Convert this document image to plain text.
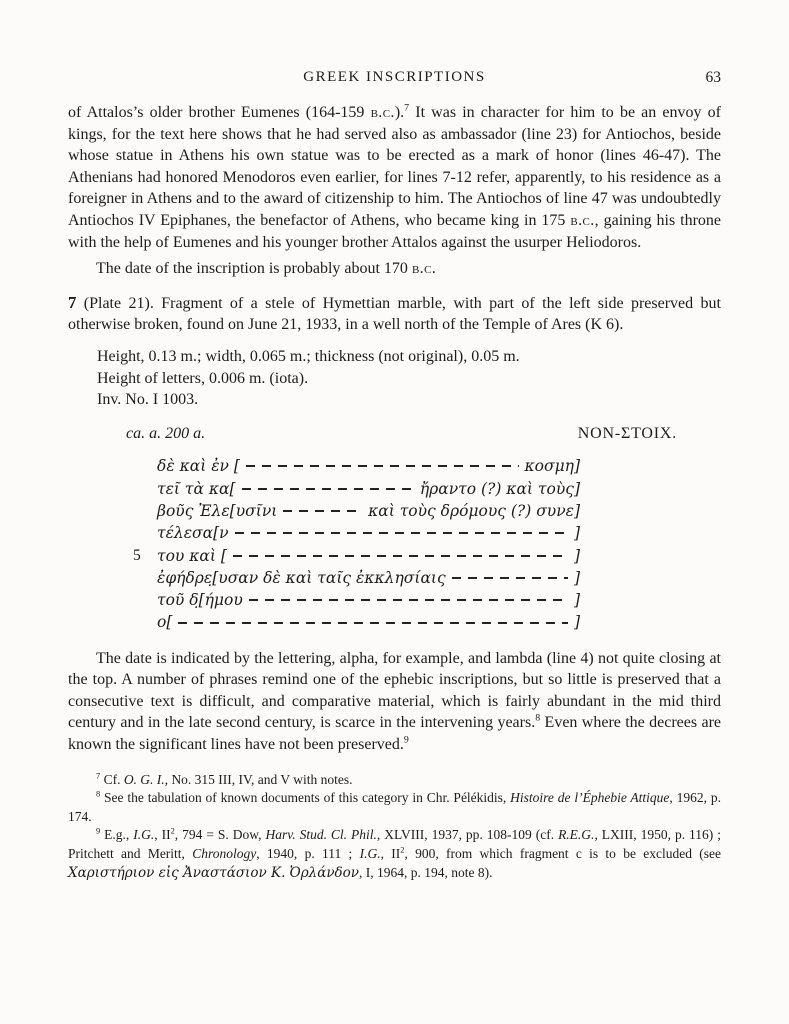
GREEK INSCRIPTIONS	63

of Attalos’s older brother Eumenes (164-159 b.c.).$^7$ It was in character for him to be an envoy of kings, for the text here shows that he had served also as ambassador (line 23) for Antiochos, beside whose statue in Athens his own statue was to be erected as a mark of honor (lines 46-47). The Athenians had honored Menodoros even earlier, for lines 7-12 refer, apparently, to his residence as a foreigner in Athens and to the award of citizenship to him. The Antiochos of line 47 was undoubtedly Antiochos IV Epiphanes, the benefactor of Athens, who became king in 175 b.c., gaining his throne with the help of Eumenes and his younger brother Attalos against the usurper Heliodoros.

The date of the inscription is probably about 170 b.c.

7 (Plate 21). Fragment of a stele of Hymettian marble, with part of the left side preserved but otherwise broken, found on June 21, 1933, in a well north of the Temple of Ares (K 6).

Height, 0.13 m.; width, 0.065 m.; thickness (not original), 0.05 m.
Height of letters, 0.006 m. (iota).
Inv. No. I 1003.
ca. a. 200 a.	NON-ΣΤΟΙΧ.
δὲ καὶ ἐν [	κοσμη]
τεῖ τὰ κα[	ἤραντο (?) καὶ τοὺς]
βοῦς Ἐλε[υσῖνι	καὶ τοὺς δρόμους (?) συνε]
τέλεσα[ν	]
5 του καὶ [	]
ἐφήδρε̣[υσαν δὲ καὶ ταῖς ἐκκλησίαις	]
τοῦ δ̣[ήμου	]
ο[	]

The date is indicated by the lettering, alpha, for example, and lambda (line 4) not quite closing at the top. A number of phrases remind one of the ephebic inscriptions, but so little is preserved that a consecutive text is difficult, and comparative material, which is fairly abundant in the mid third century and in the late second century, is scarce in the intervening years.$^8$ Even where the decrees are known the significant lines have not been preserved.$^9$

$^7$ Cf. O. G. I., No. 315 III, IV, and V with notes.

$^8$ See the tabulation of known documents of this category in Chr. Pélékidis, Histoire de l’Éphebie Attique, 1962, p. 174.

$^9$ E.g., I.G., $II^2$, 794 = S. Dow, Harv. Stud. Cl. Phil., XLVIII, 1937, pp. 108-109 (cf. R.E.G., LXIII, 1950, p. 116) ; Pritchett and Meritt, Chronology, 1940, p. 111 ; I.G., $II^2$, 900, from which fragment c is to be excluded (see Χαριστήριον εἰς Ἀναστάσιον Κ. Ὀρλάνδον, I, 1964, p. 194, note 8).
